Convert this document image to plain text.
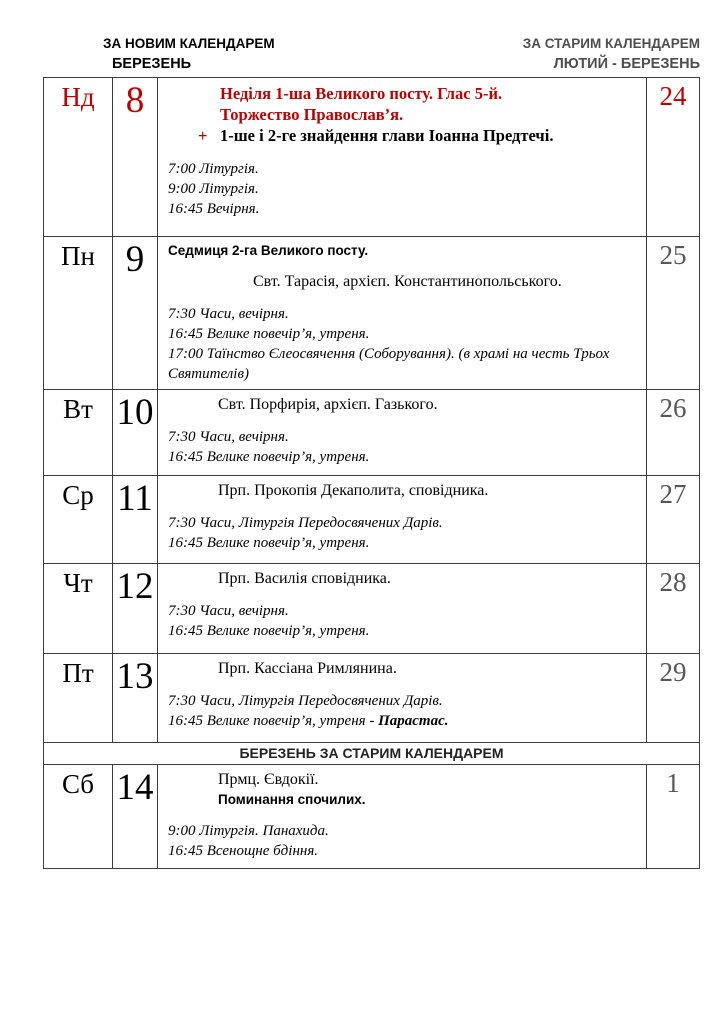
ЗА НОВИМ КАЛЕНДАРЕМ
БЕРЕЗЕНЬ
ЗА СТАРИМ КАЛЕНДАРЕМ
ЛЮТИЙ - БЕРЕЗЕНЬ
Нд 8	Неділя 1-ша Великого посту. Глас 5-й.
Торжество Православ’я.
+ 1-ше і 2-ге знайдення глави Іоанна Предтечі.
7:00 Літургія.
9:00 Літургія.
16:45 Вечірня.
24
Пн 9	Седмиця 2-га Великого посту.
Свт. Тарасія, архієп. Константинопольського.
7:30 Часи, вечірня.
16:45 Велике повечір’я, утреня.
17:00 Таїнство Єлеосвячення (Соборування). (в храмі на честь Трьох Святителів)
25
Вт 10	Свт. Порфирія, архієп. Газького.
7:30 Часи, вечірня.
16:45 Велике повечір’я, утреня.
26
Ср 11	Прп. Прокопія Декаполита, сповідника.
7:30 Часи, Літургія Передосвячених Дарів.
16:45 Велике повечір’я, утреня.
27
Чт 12	Прп. Василія сповідника.
7:30 Часи, вечірня.
16:45 Велике повечір’я, утреня.
28
Пт 13	Прп. Кассіана Римлянина.
7:30 Часи, Літургія Передосвячених Дарів.
16:45 Велике повечір’я, утреня - Парастас.
29
БЕРЕЗЕНЬ ЗА СТАРИМ КАЛЕНДАРЕМ
Сб 14	Прмц. Євдокії.
Поминання спочилих.
9:00 Літургія. Панахида.
16:45 Всенощне бдіння.
1
